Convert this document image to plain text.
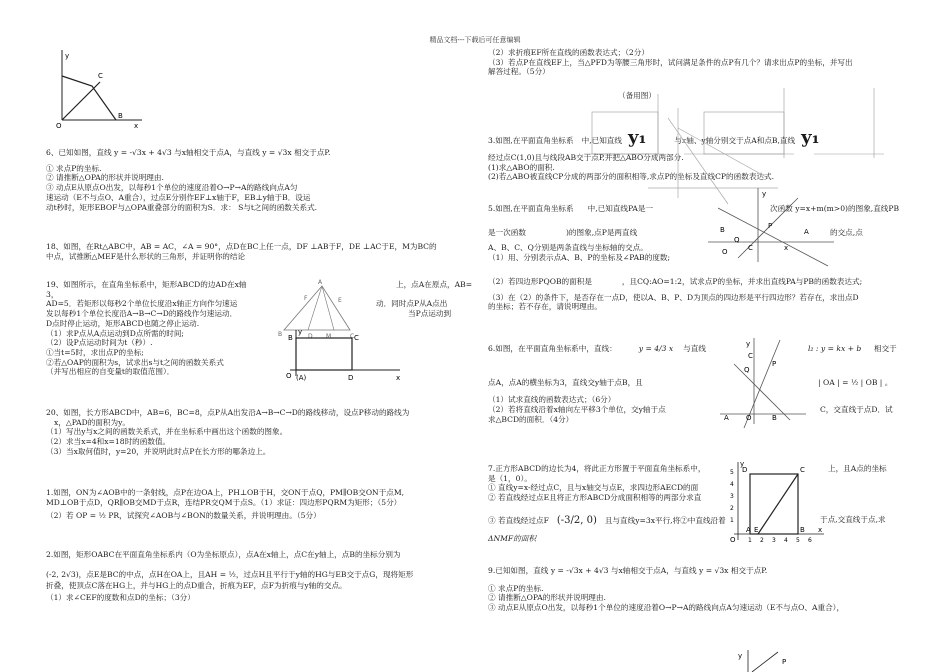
精品文档---下载后可任意编辑
y
C
O
B
x

6、已知如图，直线 y = -√3x + 4√3 与x轴相交于点A，与直线 y = √3x 相交于点P.

① 求点P的坐标.

② 请推断△OPA的形状并说明理由.

③ 动点E从原点O出发，以每秒1个单位的速度沿着O→P→A的路线向点A匀

速运动（E不与点O、A重合），过点E分别作EF⊥x轴于F，EB⊥y轴于B．设运

动t秒时，矩形EBOF与△OPA重叠部分的面积为S．求： S与t之间的函数关系式.

18、如图，在Rt△ABC中，AB = AC，∠A = 90°，点D在BC上任一点，DF ⊥AB于F，DE ⊥AC于E，M为BC的

中点，试推断△MEF是什么形状的三角形，并证明你的结论

19、如图所示，在直角坐标系中，矩形ABCD的边AD在x轴	上，点A在原点，AB=

3，

AD=5．若矩形以每秒2个单位长度沿x轴正方向作匀速运	动．同时点P从A点出

发以每秒1个单位长度沿A→B→C→D的路线作匀速运动．	当P点运动到

D点时停止运动，矩形ABCD也随之停止运动.

（1）求P点从A点运动到D点所需的时间;

（2）设P点运动时间为t（秒）.

①当t=5时，求出点P的坐标;

②若△OAP的面积为s，试求出s与t之间的函数关系式

（并写出相应的自变量t的取值范围）．

A
F	E
B	D M	C
y
B	C
(A)	D	x
O

20、如图，长方形ABCD中，AB=6，BC=8，点P从A出发沿A→B→C→D的路线移动，设点P移动的路线为

x，△PAD的面积为y。

（1）写出y与x之间的函数关系式，并在坐标系中画出这个函数的图象。

（2）求当x=4和x=18时的函数值。

（3）当x取何值时，y=20，并说明此时点P在长方形的哪条边上。

1.如图，ON为∠AOB中的一条射线，点P在边OA上，PH⊥OB于H，交ON于点Q，PM∥OB交ON于点M,

MD⊥OB于点D，QR∥OB交MD于点R，连结PR交QM于点S。（1）求证：四边形PQRM为矩形；（5分）

（2）若 OP = ½ PR，试探究∠AOB与∠BON的数量关系，并说明理由。（5分）

2.如图，矩形OABC在平面直角坐标系内（O为坐标原点），点A在x轴上，点C在y轴上，点B的坐标分别为

(-2, 2√3)，点E是BC的中点，点H在OA上，且AH = ½，过点H且平行于y轴的HG与EB交于点G，现将矩形

折叠，使顶点C落在HG上，并与HG上的点D重合，折痕为EF，点F为折痕与y轴的交点。

（1）求∠CEF的度数和点D的坐标；（3分）

（2）求折痕EF所在直线的函数表达式；（2分）

（3）若点P在直线EF上，当△PFD为等腰三角形时，试问满足条件的点P有几个？请求出点P的坐标，并写出

解答过程。（5分）

（备用图）

3.如图,在平面直角坐标系 中,已知直线 y₁	与x轴、y轴分别交于点A和点B,直线 y₁

经过点C(1,0)且与线段AB交于点P,并把△ABO分成两部分.

(1)求△ABO的面积.

(2)若△ABO被直线CP分成的两部分的面积相等,求点P的坐标及直线CP的函数表达式.

5.如图,在平面直角坐标系 中,已知直线PA是一	次函数 y=x+m(m>0)的图象,直线PB

是一次函数	)的图象,点P是两直线	的交点,点

A、B、C、Q分别是两条直线与坐标轴的交点。

（1）用、分别表示点A、B、P的坐标及∠PAB的度数;

（2）若四边形PQOB的面积是	，且CQ:AO=1:2，试求点P的坐标，并求出直线PA与PB的函数表达式;

（3）在（2）的条件下，是否存在一点D，使以A、B、P、D为顶点的四边形是平行四边形？若存在，求出点D

的坐标；若不存在，请说明理由。

y
B	P
A
O	C
Q
x

6.如图，在平面直角坐标系中，直线：	y = 4/3 x 与直线	l₂ : y = kx + b 相交于

点A，点A的横坐标为3，直线交y轴于点B，且	| OA | = ½ | OB | 。

（1）试求直线的函数表达式；（6分）

（2）若将直线沿着x轴向左平移3个单位，交y轴于点	C，交直线于点D．试

求△BCD的面积．（4分）

y
C
P
Q
A O	B

7.正方形ABCD的边长为4，将此正方形置于平面直角坐标系中，	上，且A点的坐标

是（1，0）。

① 直线y=x-经过点C，且与x轴交与点E，求四边形AECD的面

② 若直线经过点E且将正方形ABCD分成面积相等的两部分求直

③ 若直线经过点F (-3/2, 0) 且与直线y=3x平行,将②中直线沿着	于点,交直线于点,求

ΔNMF的面积

y
5
4
3
2
1
D	C
E
A	B x
O 1 2 3 4 5 6

9.已知如图，直线 y = -√3x + 4√3 与x轴相交于点A，与直线 y = √3x 相交于点P.

① 求点P的坐标.

② 请推断△OPA的形状并说明理由.

③ 动点E从原点O出发，以每秒1个单位的速度沿着O→P→A的路线向点A匀速运动（E不与点O、A重合），

y
P
